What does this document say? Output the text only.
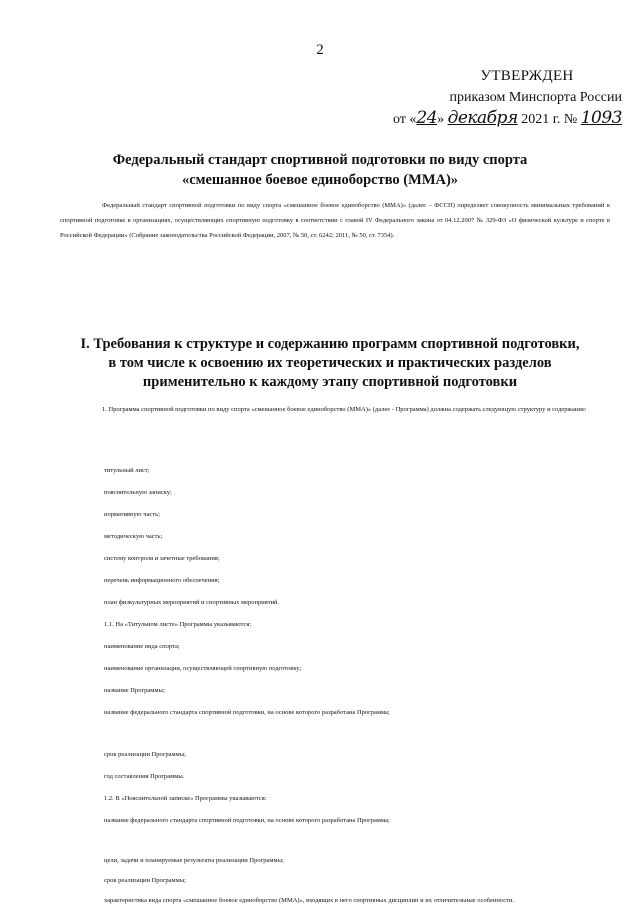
2
УТВЕРЖДЕН
приказом Минспорта России
от «24» декабря 2021 г. № 1093
Федеральный стандарт спортивной подготовки по виду спорта
«смешанное боевое единоборство (ММА)»
Федеральный стандарт спортивной подготовки по виду спорта «смешанное боевое единоборство (ММА)» (далее – ФССП) определяет совокупность минимальных требований к спортивной подготовке в организациях, осуществляющих спортивную подготовку в соответствии с главой IV Федерального закона от 04.12.2007 № 329-ФЗ «О физической культуре и спорте в Российской Федерации» (Собрание законодательства Российской Федерации, 2007, № 50, ст. 6242; 2011, № 50, ст. 7354).
I. Требования к структуре и содержанию программ спортивной подготовки,
в том числе к освоению их теоретических и практических разделов
применительно к каждому этапу спортивной подготовки
1. Программа спортивной подготовки по виду спорта «смешанное боевое единоборство (ММА)» (далее - Программа) должна содержать следующую структуру и содержание:
титульный лист;
пояснительную записку;
нормативную часть;
методическую часть;
систему контроля и зачетные требования;
перечень информационного обеспечения;
план физкультурных мероприятий и спортивных мероприятий.
1.1. На «Титульном листе» Программы указываются:
наименование вида спорта;
наименование организации, осуществляющей спортивную подготовку;
название Программы;
название федерального стандарта спортивной подготовки, на основе которого разработана Программа;
срок реализации Программы;
год составления Программы.
1.2. В «Пояснительной записке» Программы указываются:
название федерального стандарта спортивной подготовки, на основе которого разработана Программа;
цели, задачи и планируемые результаты реализации Программы;
срок реализации Программы;
характеристика вида спорта «смешанное боевое единоборство (ММА)», входящих в него спортивных дисциплин и их отличительные особенности.
